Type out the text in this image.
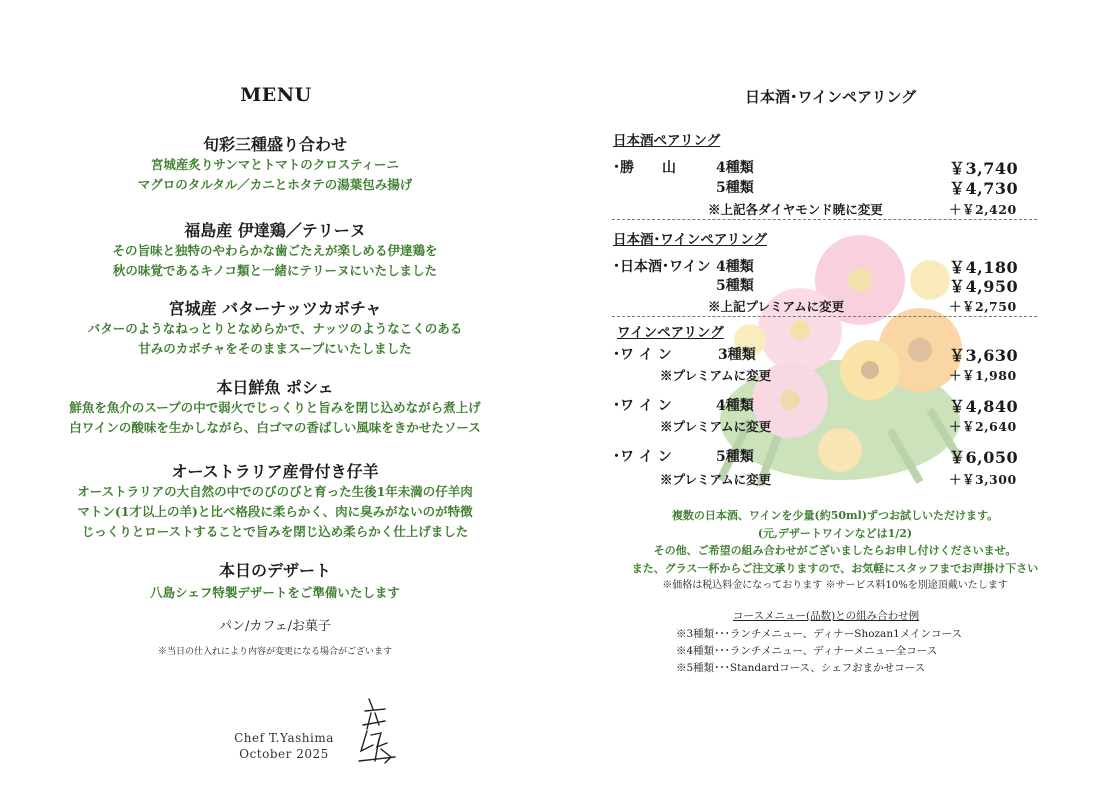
MENU
旬彩三種盛り合わせ
宮城産炙りサンマとトマトのクロスティーニ
マグロのタルタル／カニとホタテの湯葉包み揚げ
福島産 伊達鶏／テリーヌ
その旨味と独特のやわらかな歯ごたえが楽しめる伊達鶏を
秋の味覚であるキノコ類と一緒にテリーヌにいたしました
宮城産 バターナッツカボチャ
バターのようなねっとりとなめらかで、ナッツのようなこくのある
甘みのカボチャをそのままスープにいたしました
本日鮮魚 ポシェ
鮮魚を魚介のスープの中で弱火でじっくりと旨みを閉じ込めながら煮上げ
白ワインの酸味を生かしながら、白ゴマの香ばしい風味をきかせたソース
オーストラリア産骨付き仔羊
オーストラリアの大自然の中でのびのびと育った生後1年未満の仔羊肉
マトン(1才以上の羊)と比べ格段に柔らかく、肉に臭みがないのが特徴
じっくりとローストすることで旨みを閉じ込め柔らかく仕上げました
本日のデザート
八島シェフ特製デザートをご準備いたします
パン/カフェ/お菓子
※当日の仕入れにより内容が変更になる場合がございます
Chef T.Yashima
October 2025
日本酒･ワインペアリング
日本酒ペアリング
･勝　　山	4種類	￥3,740
5種類	￥4,730
※上記各ダイヤモンド暁に変更	＋￥2,420
日本酒･ワインペアリング
･日本酒･ワイン 4種類	￥4,180
5種類	￥4,950
※上記プレミアムに変更	＋￥2,750
ワインペアリング
･ワ イ ン	3種類	￥3,630
※プレミアムに変更	＋￥1,980
･ワ イ ン	4種類	￥4,840
※プレミアムに変更	＋￥2,640
･ワ イ ン	5種類	￥6,050
※プレミアムに変更	＋￥3,300
複数の日本酒、ワインを少量(約50ml)ずつお試しいただけます。
(元,デザートワインなどは1/2)
その他、ご希望の組み合わせがございましたらお申し付けくださいませ。
また、グラス一杯からご注文承りますので、お気軽にスタッフまでお声掛け下さい
※価格は税込料金になっております ※サービス料10%を別途頂戴いたします
コースメニュー(品数)との組み合わせ例
※3種類･･･ランチメニュー、ディナーShozan1メインコース
※4種類･･･ランチメニュー、ディナーメニュー全コース
※5種類･･･Standardコース、シェフおまかせコース
